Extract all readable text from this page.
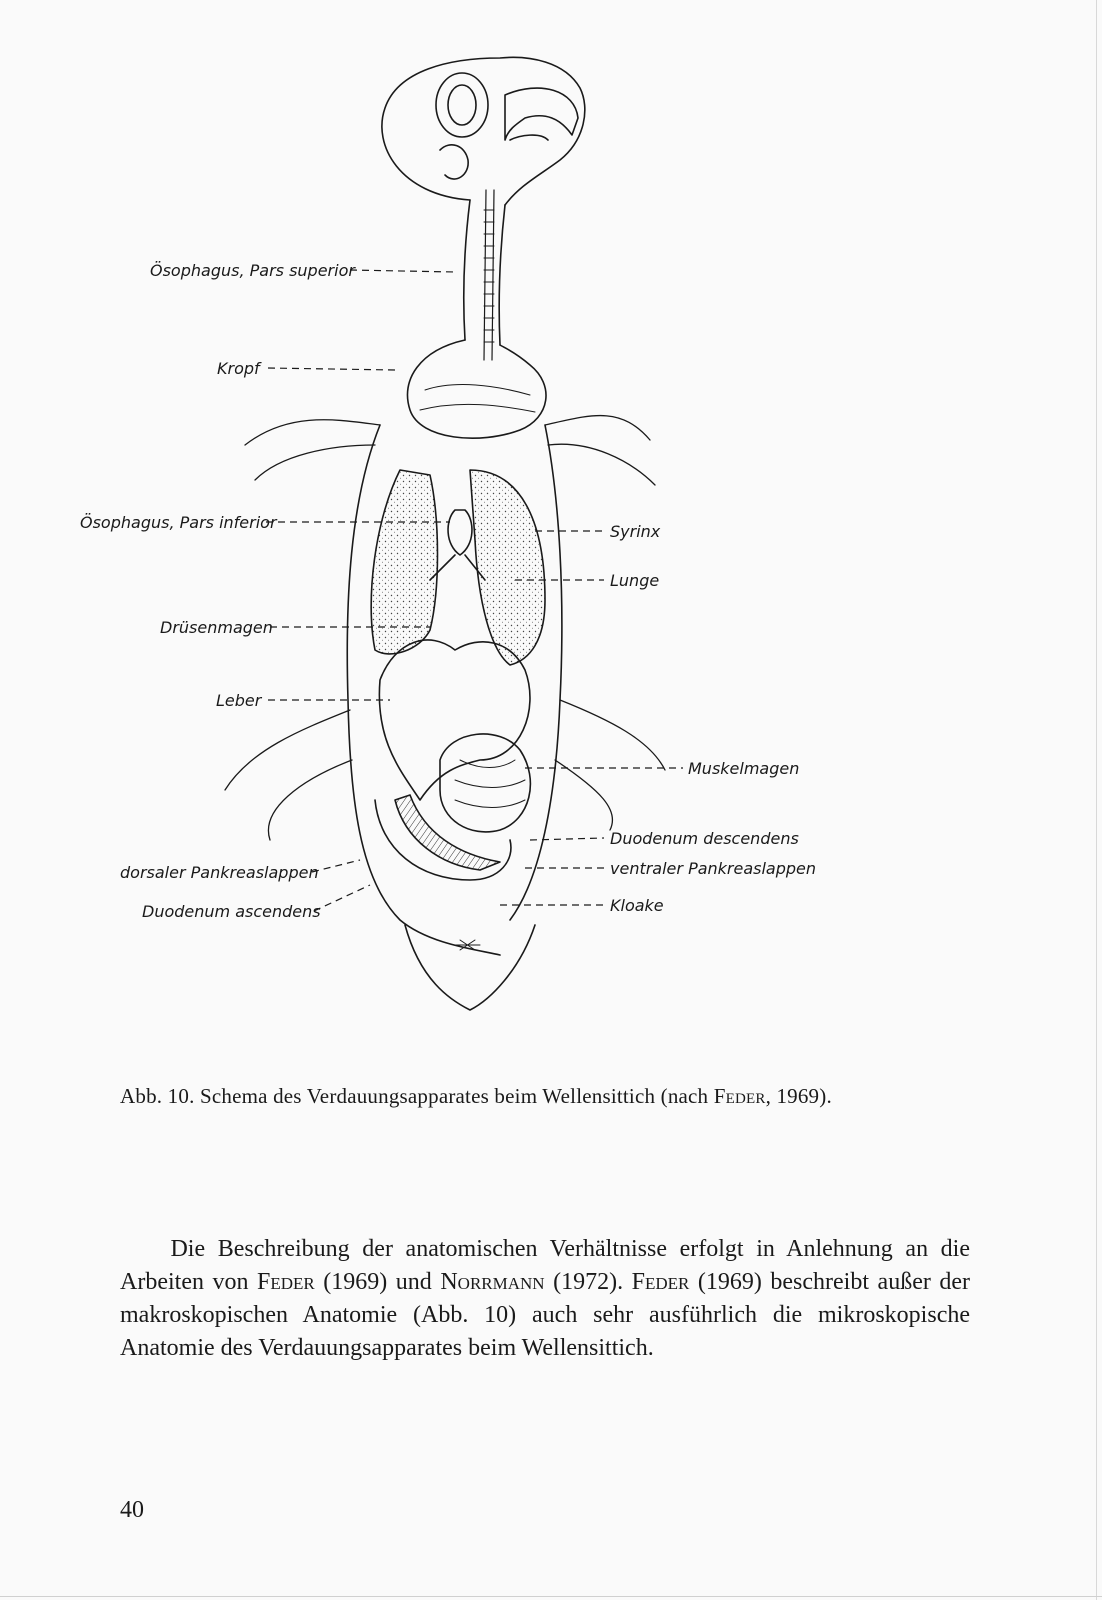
Ösophagus, Pars superior
Kropf
Ösophagus, Pars inferior
Drüsenmagen
Leber
dorsaler Pankreaslappen
Duodenum ascendens
Syrinx
Lunge
Muskelmagen
Duodenum descendens
ventraler Pankreaslappen
Kloake
Abb. 10. Schema des Verdauungsapparates beim Wellensittich (nach Feder, 1969).
Die Beschreibung der anatomischen Verhältnisse erfolgt in Anlehnung an die Arbeiten von Feder (1969) und Norrmann (1972). Feder (1969) beschreibt außer der makroskopischen Anatomie (Abb. 10) auch sehr ausführlich die mikroskopische Anatomie des Verdauungsapparates beim Wellensittich.
40
